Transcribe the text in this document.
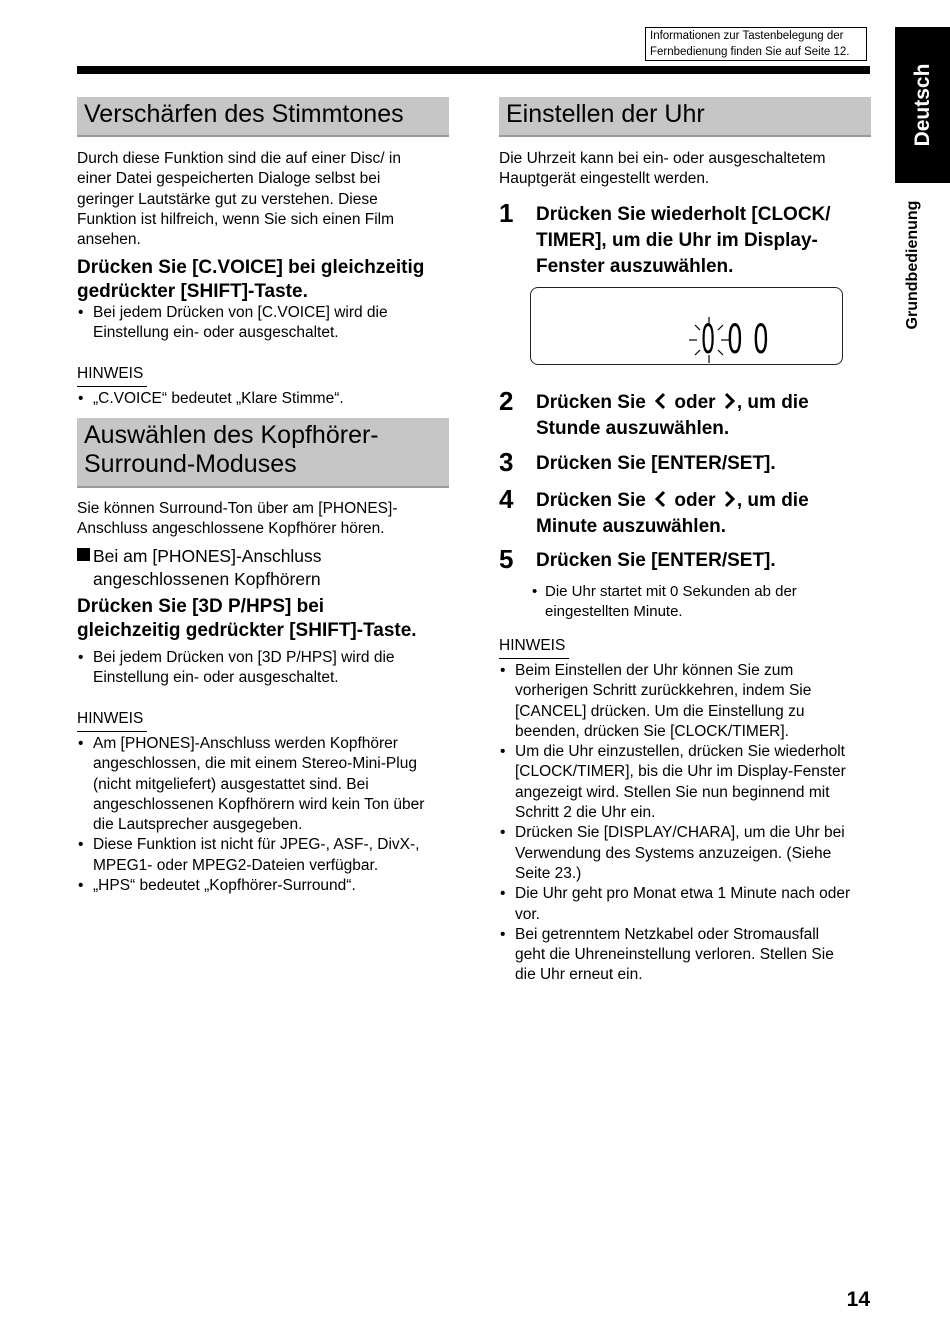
Informationen zur Tastenbelegung der
Fernbedienung finden Sie auf Seite 12.
Deutsch
Grundbedienung
Verschärfen des Stimmtones
Durch diese Funktion sind die auf einer Disc/ in
einer Datei gespeicherten Dialoge selbst bei
geringer Lautstärke gut zu verstehen. Diese
Funktion ist hilfreich, wenn Sie sich einen Film
ansehen.
Drücken Sie [C.VOICE] bei gleichzeitig
gedrückter [SHIFT]-Taste.
• Bei jedem Drücken von [C.VOICE] wird die
Einstellung ein- oder ausgeschaltet.
HINWEIS
• „C.VOICE“ bedeutet „Klare Stimme“.
Auswählen des Kopfhörer-
Surround-Moduses
Sie können Surround-Ton über am [PHONES]-
Anschluss angeschlossene Kopfhörer hören.
Bei am [PHONES]-Anschluss
angeschlossenen Kopfhörern
Drücken Sie [3D P/HPS] bei
gleichzeitig gedrückter [SHIFT]-Taste.
• Bei jedem Drücken von [3D P/HPS] wird die
Einstellung ein- oder ausgeschaltet.
HINWEIS
• Am [PHONES]-Anschluss werden Kopfhörer
angeschlossen, die mit einem Stereo-Mini-Plug
(nicht mitgeliefert) ausgestattet sind. Bei
angeschlossenen Kopfhörern wird kein Ton über
die Lautsprecher ausgegeben.
• Diese Funktion ist nicht für JPEG-, ASF-, DivX-,
MPEG1- oder MPEG2-Dateien verfügbar.
• „HPS“ bedeutet „Kopfhörer-Surround“.
Einstellen der Uhr
Die Uhrzeit kann bei ein- oder ausgeschaltetem
Hauptgerät eingestellt werden.
1 Drücken Sie wiederholt [CLOCK/
TIMER], um die Uhr im Display-
Fenster auszuwählen.
0 0 0
2 Drücken Sie oder , um die
Stunde auszuwählen.
3 Drücken Sie [ENTER/SET].
4 Drücken Sie oder , um die
Minute auszuwählen.
5 Drücken Sie [ENTER/SET].
• Die Uhr startet mit 0 Sekunden ab der
eingestellten Minute.
HINWEIS
• Beim Einstellen der Uhr können Sie zum
vorherigen Schritt zurückkehren, indem Sie
[CANCEL] drücken. Um die Einstellung zu
beenden, drücken Sie [CLOCK/TIMER].
• Um die Uhr einzustellen, drücken Sie wiederholt
[CLOCK/TIMER], bis die Uhr im Display-Fenster
angezeigt wird. Stellen Sie nun beginnend mit
Schritt 2 die Uhr ein.
• Drücken Sie [DISPLAY/CHARA], um die Uhr bei
Verwendung des Systems anzuzeigen. (Siehe
Seite 23.)
• Die Uhr geht pro Monat etwa 1 Minute nach oder
vor.
• Bei getrenntem Netzkabel oder Stromausfall
geht die Uhreneinstellung verloren. Stellen Sie
die Uhr erneut ein.
14
